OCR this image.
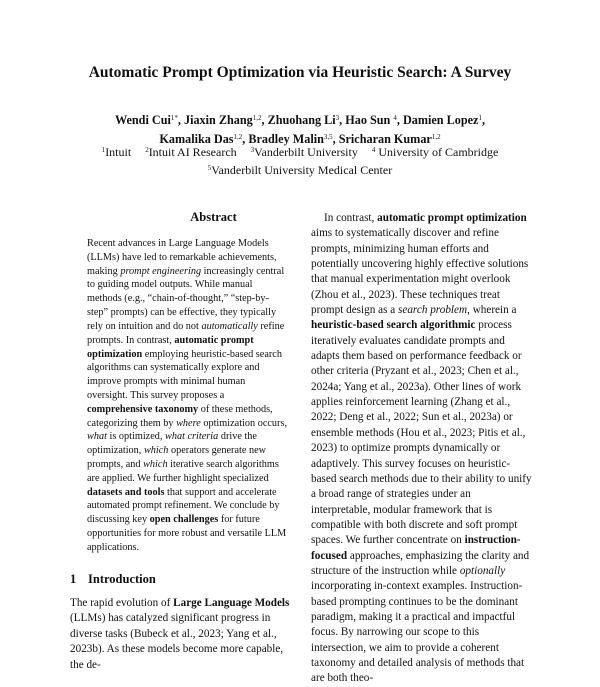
Automatic Prompt Optimization via Heuristic Search: A Survey
Wendi Cui$^{1*}$, Jiaxin Zhang$^{1,2}$, Zhuohang Li$^3$, Hao Sun $^4$, Damien Lopez$^1$,
Kamalika Das$^{1,2}$, Bradley Malin$^{3,5}$, Sricharan Kumar$^{1,2}$
$^1$Intuit $^2$Intuit AI Research $^3$Vanderbilt University $^4$ University of Cambridge
$^5$Vanderbilt University Medical Center
Abstract

Recent advances in Large Language Models (LLMs) have led to remarkable achievements, making prompt engineering increasingly central to guiding model outputs. While manual methods (e.g., “chain-of-thought,” “step-by-step” prompts) can be effective, they typically rely on intuition and do not automatically refine prompts. In contrast, automatic prompt optimization employing heuristic-based search algorithms can systematically explore and improve prompts with minimal human oversight. This survey proposes a comprehensive taxonomy of these methods, categorizing them by where optimization occurs, what is optimized, what criteria drive the optimization, which operators generate new prompts, and which iterative search algorithms are applied. We further highlight specialized datasets and tools that support and accelerate automated prompt refinement. We conclude by discussing key open challenges for future opportunities for more robust and versatile LLM applications.

1 Introduction

The rapid evolution of Large Language Models (LLMs) has catalyzed significant progress in diverse tasks (Bubeck et al., 2023; Yang et al., 2023b). As these models become more capable, the de-

In contrast, automatic prompt optimization aims to systematically discover and refine prompts, minimizing human efforts and potentially uncovering highly effective solutions that manual experimentation might overlook (Zhou et al., 2023). These techniques treat prompt design as a search problem, wherein a heuristic-based search algorithmic process iteratively evaluates candidate prompts and adapts them based on performance feedback or other criteria (Pryzant et al., 2023; Chen et al., 2024a; Yang et al., 2023a). Other lines of work applies reinforcement learning (Zhang et al., 2022; Deng et al., 2022; Sun et al., 2023a) or ensemble methods (Hou et al., 2023; Pitis et al., 2023) to optimize prompts dynamically or adaptively. This survey focuses on heuristic-based search methods due to their ability to unify a broad range of strategies under an interpretable, modular framework that is compatible with both discrete and soft prompt spaces. We further concentrate on instruction-focused approaches, emphasizing the clarity and structure of the instruction while optionally incorporating in-context examples. Instruction-based prompting continues to be the dominant paradigm, making it a practical and impactful focus. By narrowing our scope to this intersection, we aim to provide a coherent taxonomy and detailed analysis of methods that are both theo-
